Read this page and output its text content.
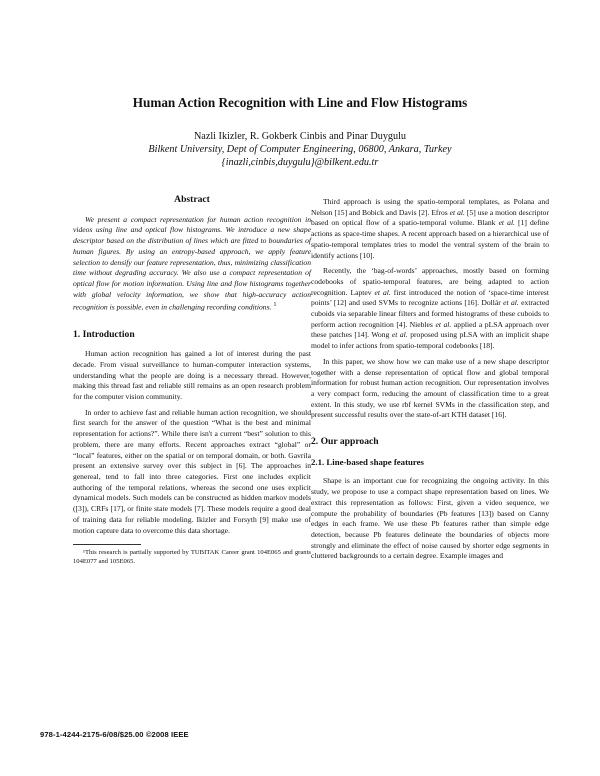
Human Action Recognition with Line and Flow Histograms
Nazli Ikizler, R. Gokberk Cinbis and Pinar Duygulu
Bilkent University, Dept of Computer Engineering, 06800, Ankara, Turkey
{inazli,cinbis,duygulu}@bilkent.edu.tr
Abstract

We present a compact representation for human action recognition in videos using line and optical flow histograms. We introduce a new shape descriptor based on the distribution of lines which are fitted to boundaries of human figures. By using an entropy-based approach, we apply feature selection to densify our feature representation, thus, minimizing classification time without degrading accuracy. We also use a compact representation of optical flow for motion information. Using line and flow histograms together with global velocity information, we show that high-accuracy action recognition is possible, even in challenging recording conditions. $^1$

1. Introduction

Human action recognition has gained a lot of interest during the past decade. From visual surveillance to human-computer interaction systems, understanding what the people are doing is a necessary thread. However, making this thread fast and reliable still remains as an open research problem for the computer vision community.

In order to achieve fast and reliable human action recognition, we should first search for the answer of the question “What is the best and minimal representation for actions?”. While there isn't a current “best” solution to this problem, there are many efforts. Recent approaches extract “global” or “local” features, either on the spatial or on temporal domain, or both. Gavrila present an extensive survey over this subject in [6]. The approaches in genereal, tend to fall into three categories. First one includes explicit authoring of the temporal relations, whereas the second one uses explicit dynamical models. Such models can be constructed as hidden markov models ([3]), CRFs [17], or finite state models [7]. These models require a good deal of training data for reliable modeling. Ikizler and Forsyth [9] make use of motion capture data to overcome this data shortage.

¹This research is partially supported by TUBITAK Career grant 104E065 and grants 104E077 and 105E065.

Third approach is using the spatio-temporal templates, as Polana and Nelson [15] and Bobick and Davis [2]. Efros et al. [5] use a motion descriptor based on optical flow of a spatio-temporal volume. Blank et al. [1] define actions as space-time shapes. A recent approach based on a hierarchical use of spatio-temporal templates tries to model the ventral system of the brain to identify actions [10].

Recently, the ‘bag-of-words’ approaches, mostly based on forming codebooks of spatio-temporal features, are being adapted to action recognition. Laptev et al. first introduced the notion of ‘space-time interest points’ [12] and used SVMs to recognize actions [16]. Dollár et al. extracted cuboids via separable linear filters and formed histograms of these cuboids to perform action recognition [4]. Niebles et al. applied a pLSA approach over these patches [14]. Wong et al. proposed using pLSA with an implicit shape model to infer actions from spatio-temporal codebooks [18].

In this paper, we show how we can make use of a new shape descriptor together with a dense representation of optical flow and global temporal information for robust human action recognition. Our representation involves a very compact form, reducing the amount of classification time to a great extent. In this study, we use rbf kernel SVMs in the classification step, and present successful results over the state-of-art KTH dataset [16].

2. Our approach
2.1. Line-based shape features

Shape is an important cue for recognizing the ongoing activity. In this study, we propose to use a compact shape representation based on lines. We extract this representation as follows: First, given a video sequence, we compute the probability of boundaries (Pb features [13]) based on Canny edges in each frame. We use these Pb features rather than simple edge detection, because Pb features delineate the boundaries of objects more strongly and eliminate the effect of noise caused by shorter edge segments in cluttered backgrounds to a certain degree. Example images and

978-1-4244-2175-6/08/$25.00 ©2008 IEEE
